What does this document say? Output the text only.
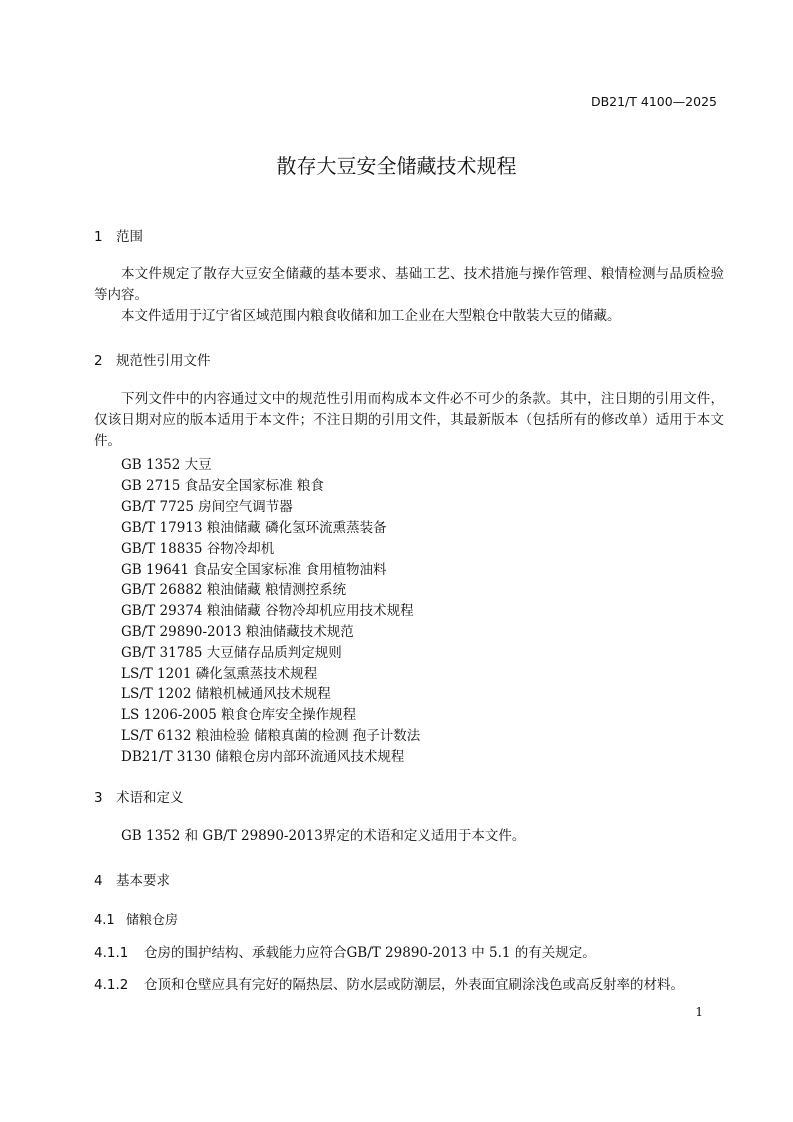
DB21/T 4100—2025
散存大豆安全储藏技术规程
1 范围
本文件规定了散存大豆安全储藏的基本要求、基础工艺、技术措施与操作管理、粮情检测与品质检验等内容。
本文件适用于辽宁省区域范围内粮食收储和加工企业在大型粮仓中散装大豆的储藏。
2 规范性引用文件
下列文件中的内容通过文中的规范性引用而构成本文件必不可少的条款。其中，注日期的引用文件，仅该日期对应的版本适用于本文件；不注日期的引用文件，其最新版本（包括所有的修改单）适用于本文件。
GB 1352 大豆
GB 2715 食品安全国家标准 粮食
GB/T 7725 房间空气调节器
GB/T 17913 粮油储藏 磷化氢环流熏蒸装备
GB/T 18835 谷物冷却机
GB 19641 食品安全国家标准 食用植物油料
GB/T 26882 粮油储藏 粮情测控系统
GB/T 29374 粮油储藏 谷物冷却机应用技术规程
GB/T 29890-2013 粮油储藏技术规范
GB/T 31785 大豆储存品质判定规则
LS/T 1201 磷化氢熏蒸技术规程
LS/T 1202 储粮机械通风技术规程
LS 1206-2005 粮食仓库安全操作规程
LS/T 6132 粮油检验 储粮真菌的检测 孢子计数法
DB21/T 3130 储粮仓房内部环流通风技术规程
3 术语和定义
GB 1352 和 GB/T 29890-2013界定的术语和定义适用于本文件。
4 基本要求
4.1 储粮仓房
4.1.1 仓房的围护结构、承载能力应符合GB/T 29890-2013 中 5.1 的有关规定。
4.1.2 仓顶和仓壁应具有完好的隔热层、防水层或防潮层，外表面宜刷涂浅色或高反射率的材料。
1
